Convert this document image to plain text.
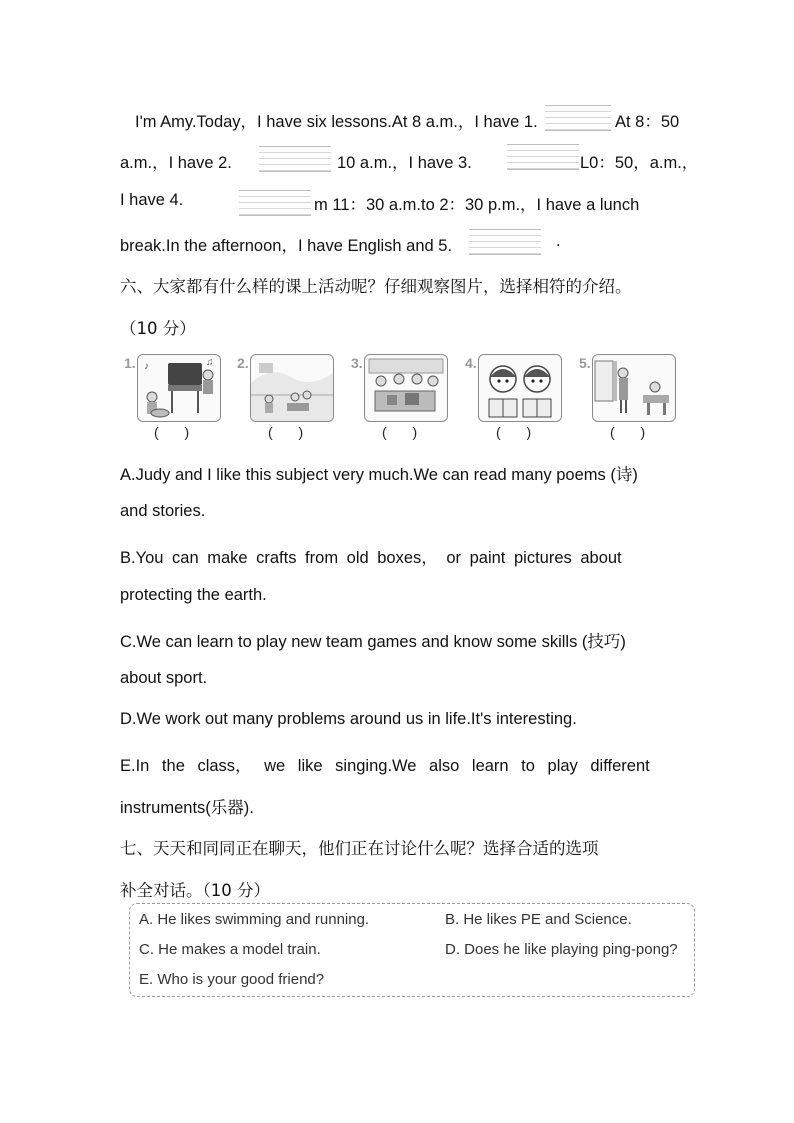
I'm Amy.Today，I have six lessons.At 8 a.m.，I have 1.	At 8：50
a.m.，I have 2.	10 a.m.，I have 3.	L0：50，a.m.，
I have 4.	m 11：30 a.m.to 2：30 p.m.，I have a lunch
break.In the afternoon，I have English and 5.	.
六、大家都有什么样的课上活动呢？仔细观察图片，选择相符的介绍。
（10 分）
1. ♪	♫
( )
2.
( )
3.
( )
4.
( )
5.
( )
A.Judy and I like this subject very much.We can read many poems (诗)
and stories.
B.You can make crafts from old boxes， or paint pictures about
protecting the earth.
C.We can learn to play new team games and know some skills (技巧)
about sport.
D.We work out many problems around us in life.It's interesting.
E.In the class， we like singing.We also learn to play different
instruments(乐器).
七、天天和同同正在聊天，他们正在讨论什么呢？选择合适的选项
补全对话。（10 分）
A. He likes swimming and running.	B. He likes PE and Science.
C. He makes a model train.	D. Does he like playing ping-pong?
E. Who is your good friend?
